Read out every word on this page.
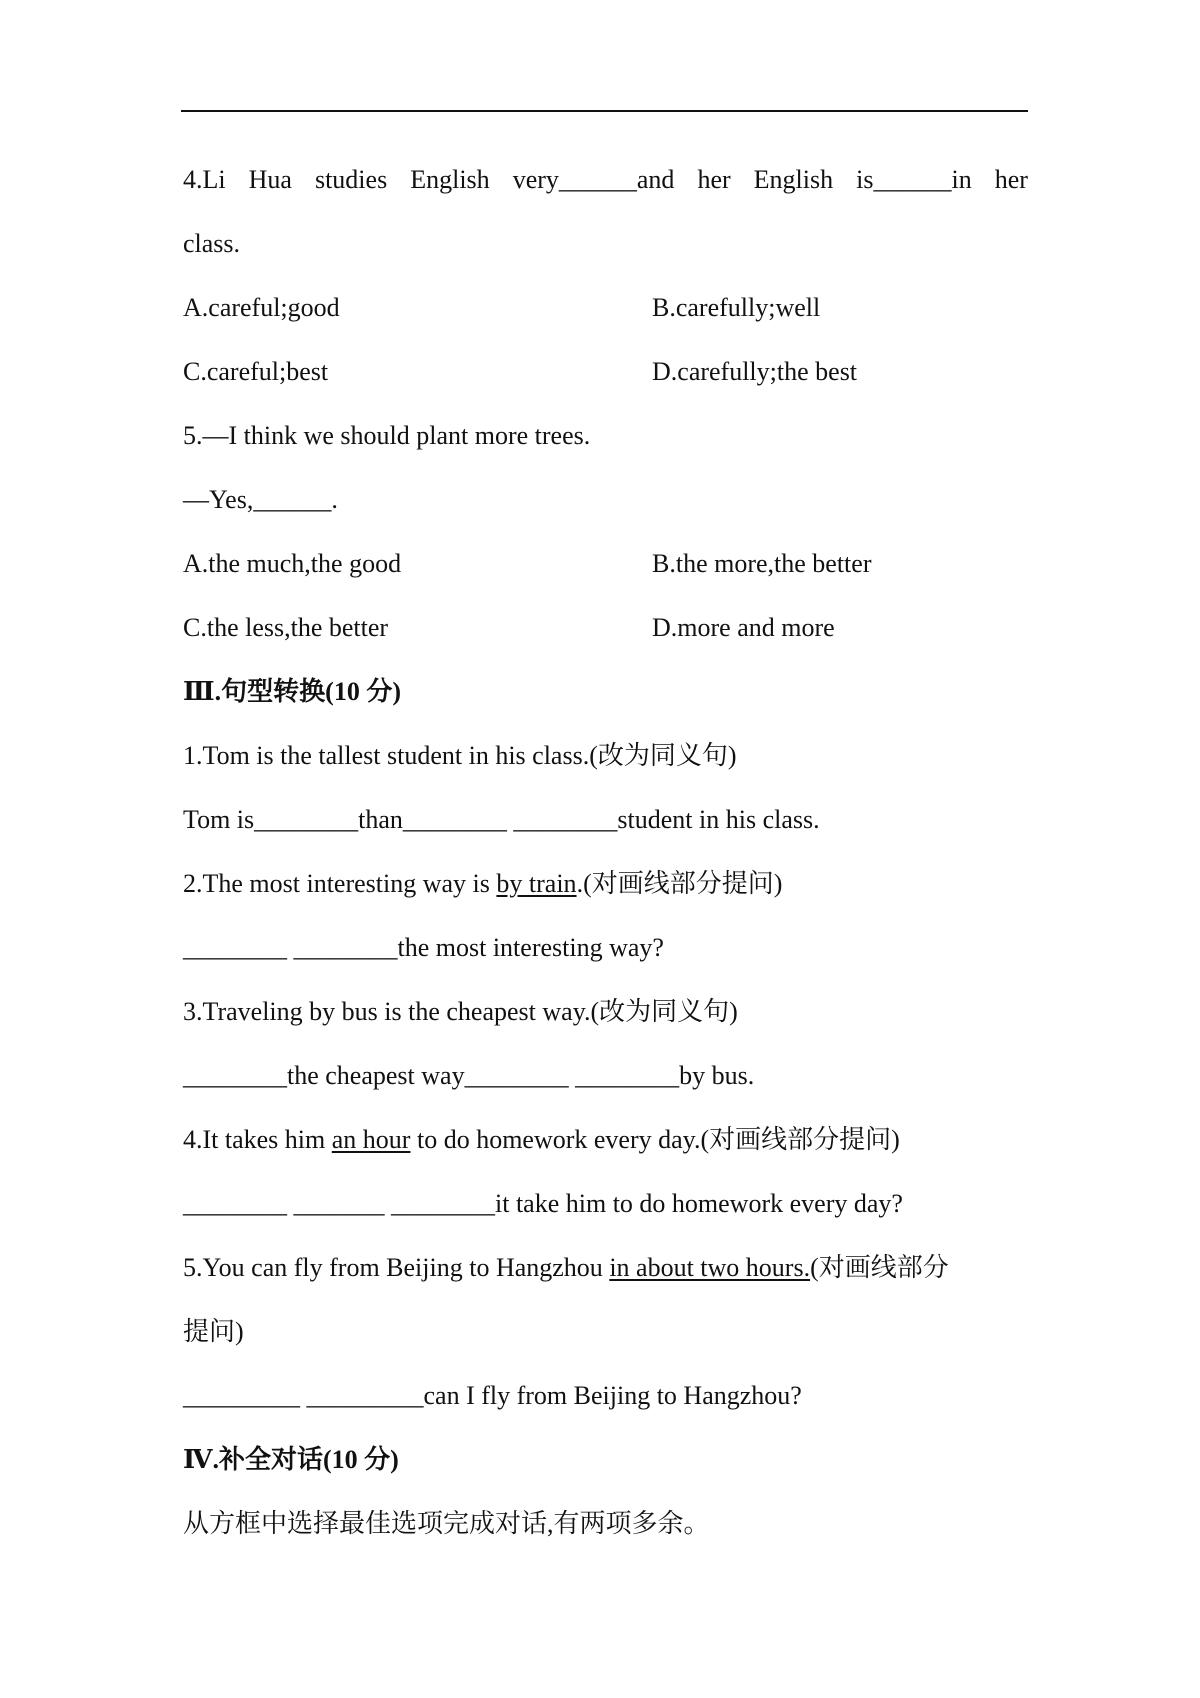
4.Li Hua studies English very______and her English is______in her
class.
A.careful;good	B.carefully;well
C.careful;best	D.carefully;the best
5.—I think we should plant more trees.
—Yes,______.
A.the much,the good	B.the more,the better
C.the less,the better	D.more and more
Ⅲ.句型转换(10 分)
1.Tom is the tallest student in his class.(改为同义句)
Tom is________than________ ________student in his class.
2.The most interesting way is by train.(对画线部分提问)
________ ________the most interesting way?
3.Traveling by bus is the cheapest way.(改为同义句)
________the cheapest way________ ________by bus.
4.It takes him an hour to do homework every day.(对画线部分提问)
________ _______ ________it take him to do homework every day?
5.You can fly from Beijing to Hangzhou in about two hours.(对画线部分
提问)
_________ _________can I fly from Beijing to Hangzhou?
Ⅳ.补全对话(10 分)
从方框中选择最佳选项完成对话,有两项多余。
